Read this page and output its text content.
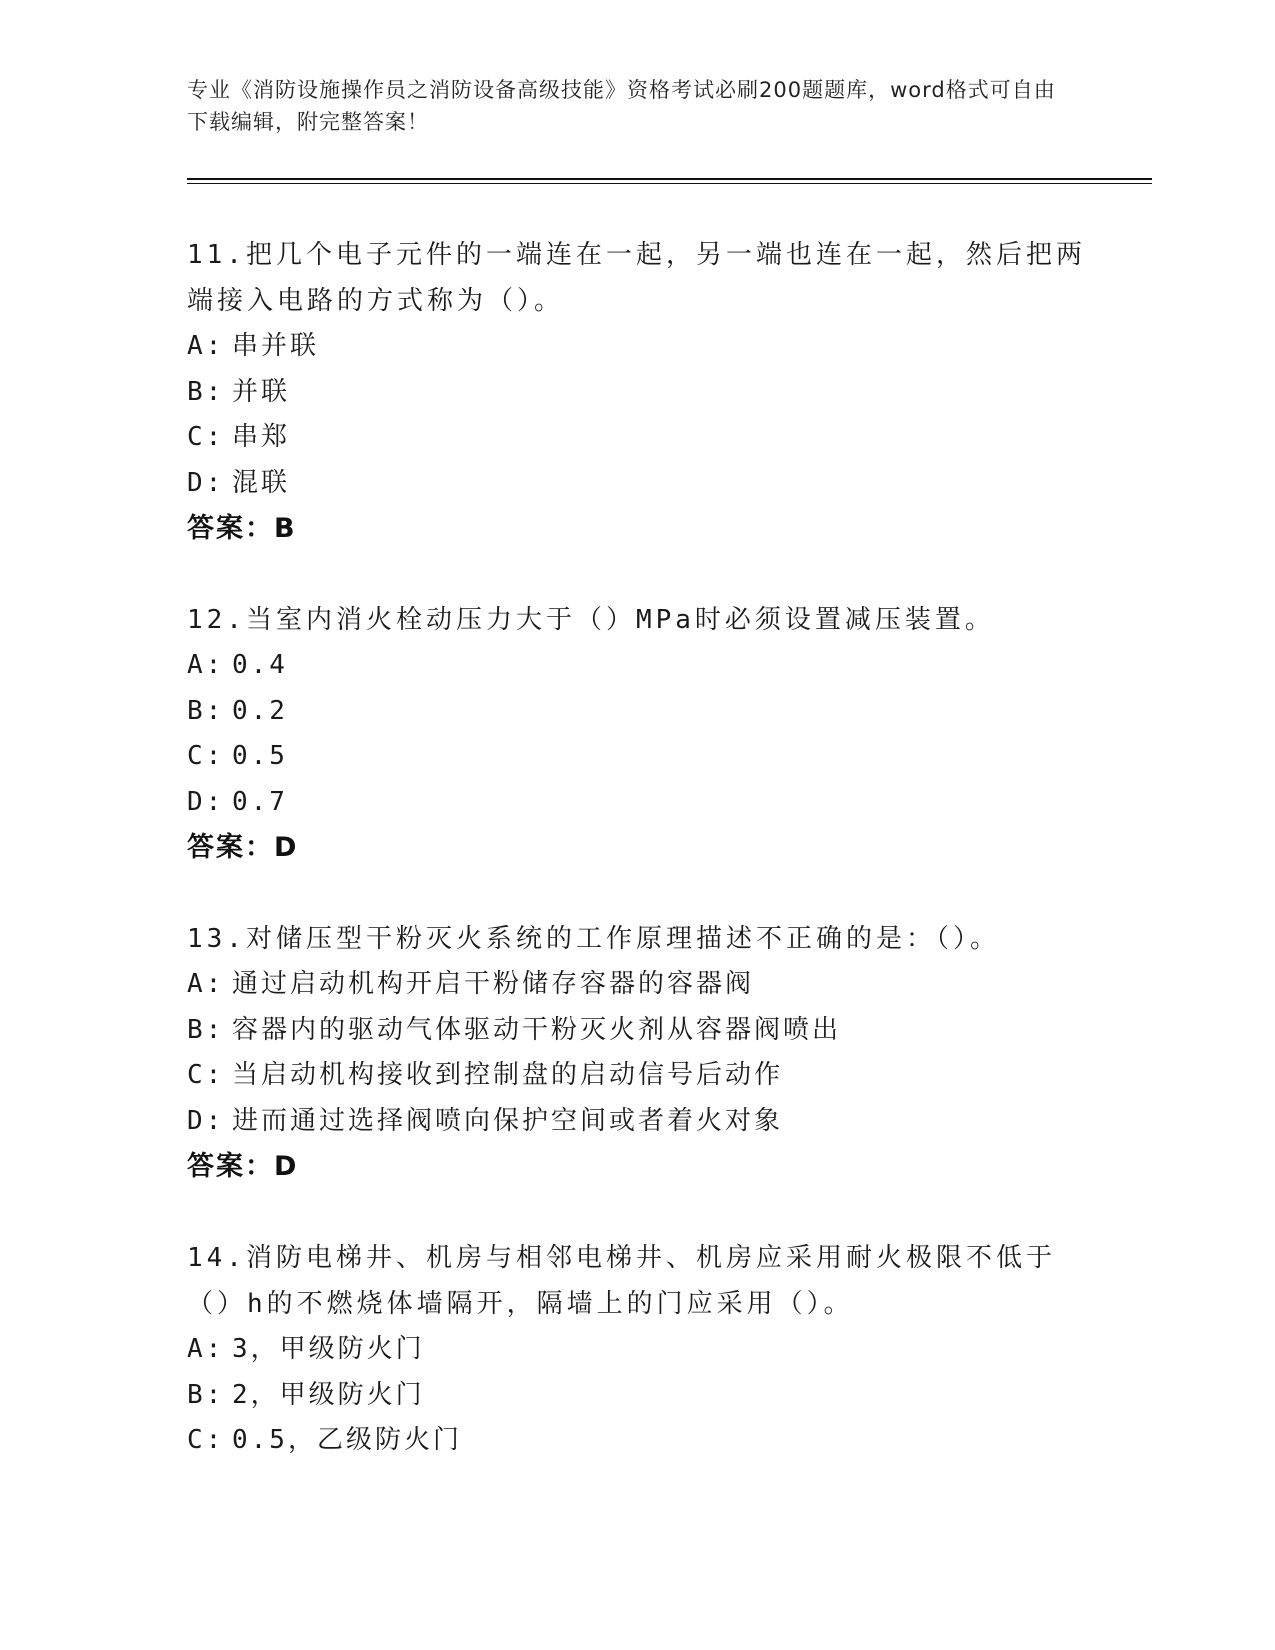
专业《消防设施操作员之消防设备高级技能》资格考试必刷200题题库，word格式可自由下载编辑，附完整答案！

11.把几个电子元件的一端连在一起，另一端也连在一起，然后把两端接入电路的方式称为（）。

A: 串并联
B: 并联
C: 串郑
D: 混联
答案：B

12.当室内消火栓动压力大于（）MPa时必须设置减压装置。

A: 0.4
B: 0.2
C: 0.5
D: 0.7
答案：D

13.对储压型干粉灭火系统的工作原理描述不正确的是：（）。

A: 通过启动机构开启干粉储存容器的容器阀
B: 容器内的驱动气体驱动干粉灭火剂从容器阀喷出
C: 当启动机构接收到控制盘的启动信号后动作
D: 进而通过选择阀喷向保护空间或者着火对象
答案：D

14.消防电梯井、机房与相邻电梯井、机房应采用耐火极限不低于（）h的不燃烧体墙隔开，隔墙上的门应采用（）。

A: 3，甲级防火门
B: 2，甲级防火门
C: 0.5，乙级防火门
